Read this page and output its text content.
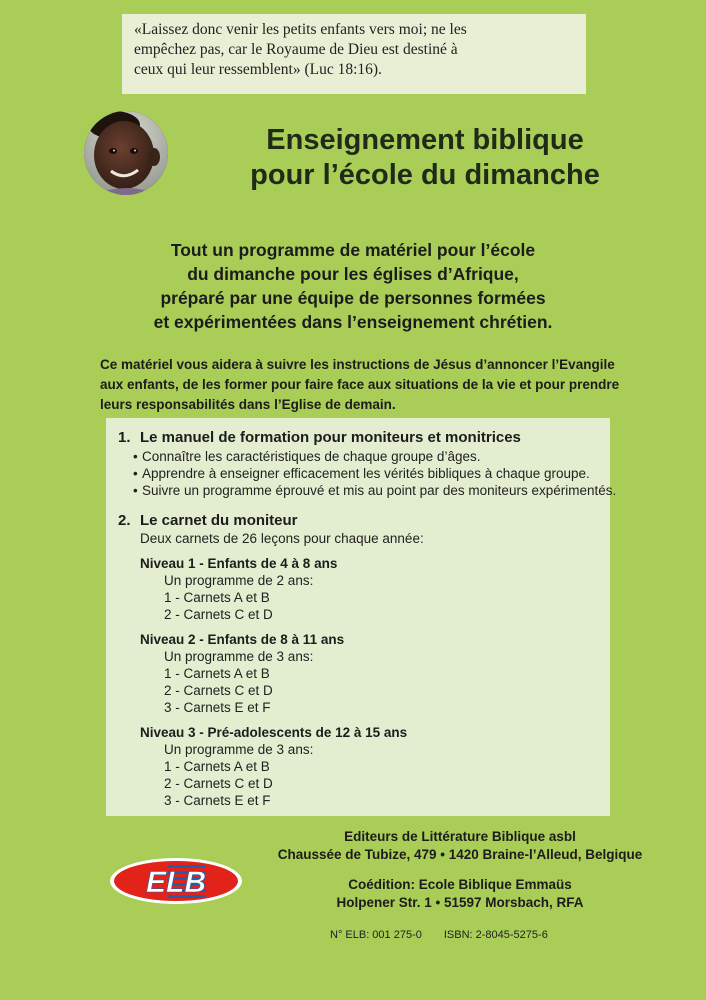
«Laissez donc venir les petits enfants vers moi; ne les
empêchez pas, car le Royaume de Dieu est destiné à
ceux qui leur ressemblent» (Luc 18:16).
Enseignement biblique
pour l’école du dimanche
Tout un programme de matériel pour l’école
du dimanche pour les églises d’Afrique,
préparé par une équipe de personnes formées
et expérimentées dans l’enseignement chrétien.
Ce matériel vous aidera à suivre les instructions de Jésus d’annoncer l’Evangile
aux enfants, de les former pour faire face aux situations de la vie et pour prendre
leurs responsabilités dans l’Eglise de demain.
1. Le manuel de formation pour moniteurs et monitrices
• Connaître les caractéristiques de chaque groupe d’âges.
• Apprendre à enseigner efficacement les vérités bibliques à chaque groupe.
• Suivre un programme éprouvé et mis au point par des moniteurs expérimentés.
2. Le carnet du moniteur
Deux carnets de 26 leçons pour chaque année:
Niveau 1 - Enfants de 4 à 8 ans
Un programme de 2 ans:
1 - Carnets A et B
2 - Carnets C et D
Niveau 2 - Enfants de 8 à 11 ans
Un programme de 3 ans:
1 - Carnets A et B
2 - Carnets C et D
3 - Carnets E et F
Niveau 3 - Pré-adolescents de 12 à 15 ans
Un programme de 3 ans:
1 - Carnets A et B
2 - Carnets C et D
3 - Carnets E et F
ELB
Editeurs de Littérature Biblique asbl
Chaussée de Tubize, 479 • 1420 Braine-l’Alleud, Belgique
Coédition: Ecole Biblique Emmaüs
Holpener Str. 1 • 51597 Morsbach, RFA
N° ELB: 001 275-0 ISBN: 2-8045-5275-6
